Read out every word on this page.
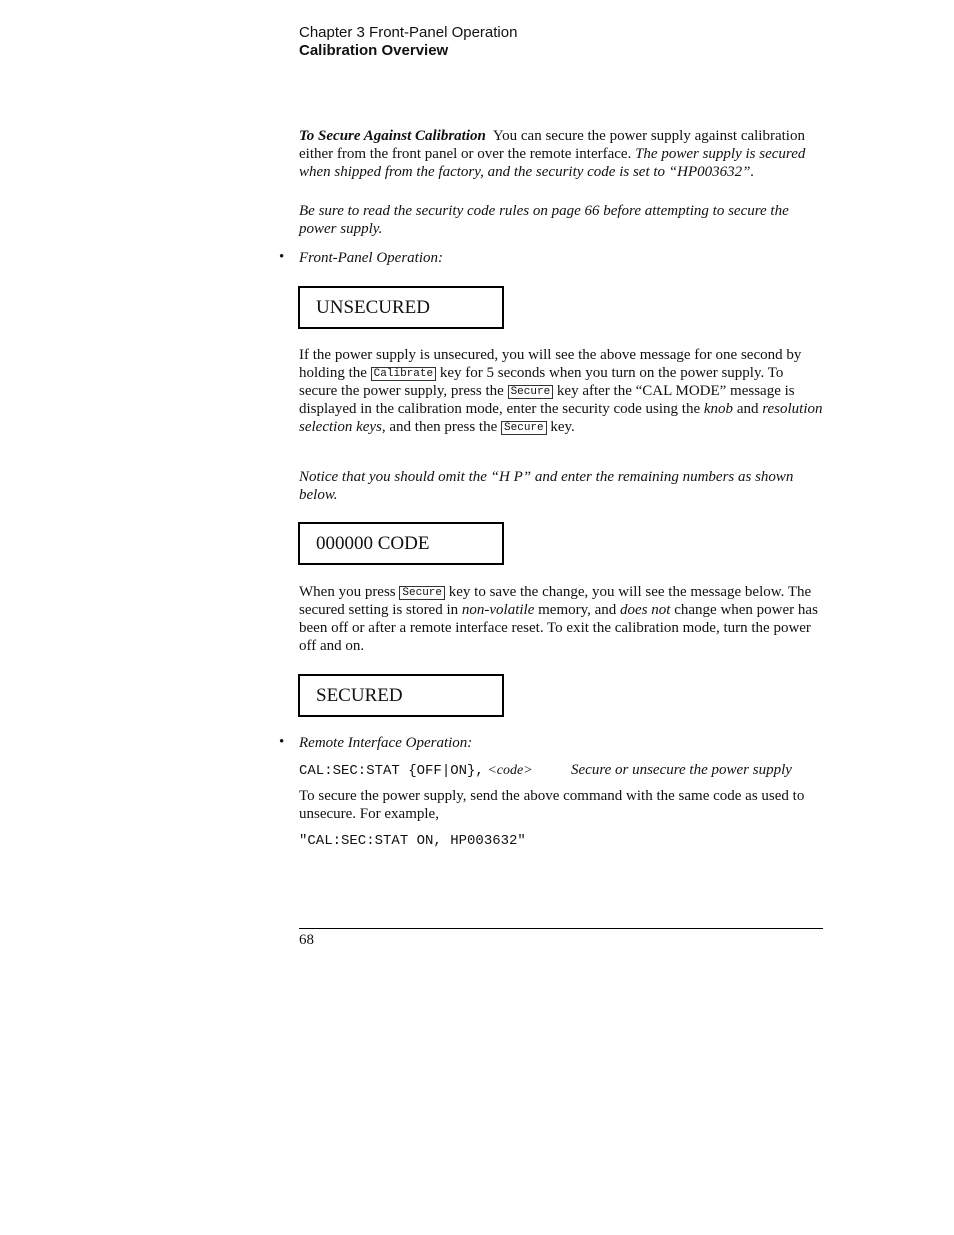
Chapter 3 Front-Panel Operation
Calibration Overview
To Secure Against Calibration You can secure the power supply against calibration either from the front panel or over the remote interface. The power supply is secured when shipped from the factory, and the security code is set to “HP003632”.
Be sure to read the security code rules on page 66 before attempting to secure the power supply.
• Front-Panel Operation:
UNSECURED
If the power supply is unsecured, you will see the above message for one second by holding the Calibrate key for 5 seconds when you turn on the power supply. To secure the power supply, press the Secure key after the “CAL MODE” message is displayed in the calibration mode, enter the security code using the knob and resolution selection keys, and then press the Secure key.
Notice that you should omit the “H P” and enter the remaining numbers as shown below.
000000 CODE
When you press Secure key to save the change, you will see the message below. The secured setting is stored in non-volatile memory, and does not change when power has been off or after a remote interface reset. To exit the calibration mode, turn the power off and on.
SECURED
• Remote Interface Operation:
CAL:SEC:STAT {OFF|ON}, <code>	Secure or unsecure the power supply
To secure the power supply, send the above command with the same code as used to unsecure. For example,
"CAL:SEC:STAT ON, HP003632"
68
